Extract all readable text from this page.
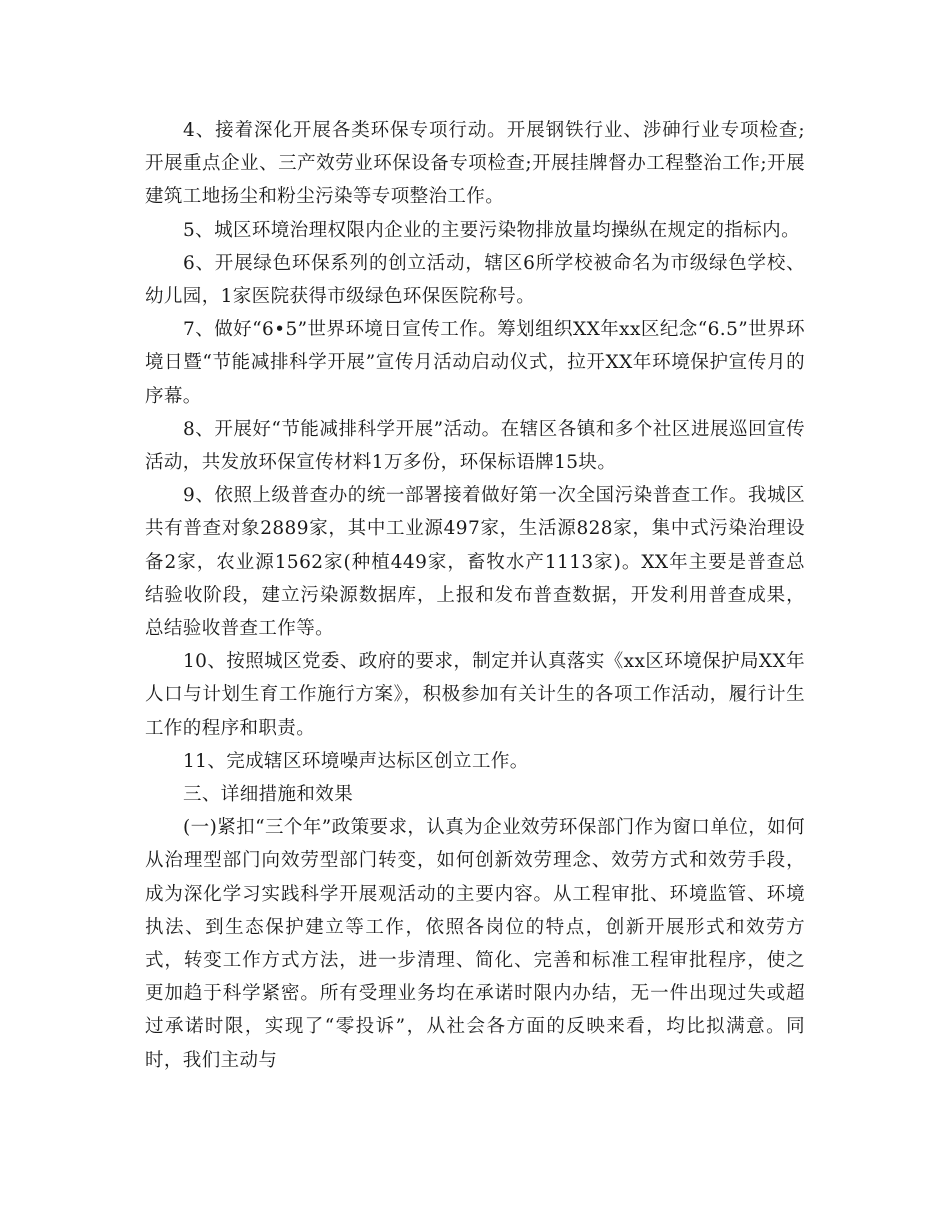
4、接着深化开展各类环保专项行动。开展钢铁行业、涉砷行业专项检查;开展重点企业、三产效劳业环保设备专项检查;开展挂牌督办工程整治工作;开展建筑工地扬尘和粉尘污染等专项整治工作。

5、城区环境治理权限内企业的主要污染物排放量均操纵在规定的指标内。

6、开展绿色环保系列的创立活动，辖区6所学校被命名为市级绿色学校、幼儿园，1家医院获得市级绿色环保医院称号。

7、做好“6•5”世界环境日宣传工作。筹划组织XX年xx区纪念“6.5”世界环境日暨“节能减排科学开展”宣传月活动启动仪式，拉开XX年环境保护宣传月的序幕。

8、开展好“节能减排科学开展”活动。在辖区各镇和多个社区进展巡回宣传活动，共发放环保宣传材料1万多份，环保标语牌15块。

9、依照上级普查办的统一部署接着做好第一次全国污染普查工作。我城区共有普查对象2889家，其中工业源497家，生活源828家，集中式污染治理设备2家，农业源1562家(种植449家，畜牧水产1113家)。XX年主要是普查总结验收阶段，建立污染源数据库，上报和发布普查数据，开发利用普查成果，总结验收普查工作等。

10、按照城区党委、政府的要求，制定并认真落实《xx区环境保护局XX年人口与计划生育工作施行方案》，积极参加有关计生的各项工作活动，履行计生工作的程序和职责。

11、完成辖区环境噪声达标区创立工作。

三、详细措施和效果

(一)紧扣“三个年”政策要求，认真为企业效劳环保部门作为窗口单位，如何从治理型部门向效劳型部门转变，如何创新效劳理念、效劳方式和效劳手段，成为深化学习实践科学开展观活动的主要内容。从工程审批、环境监管、环境执法、到生态保护建立等工作，依照各岗位的特点，创新开展形式和效劳方式，转变工作方式方法，进一步清理、简化、完善和标准工程审批程序，使之更加趋于科学紧密。所有受理业务均在承诺时限内办结，无一件出现过失或超过承诺时限，实现了“零投诉”，从社会各方面的反映来看，均比拟满意。同时，我们主动与
